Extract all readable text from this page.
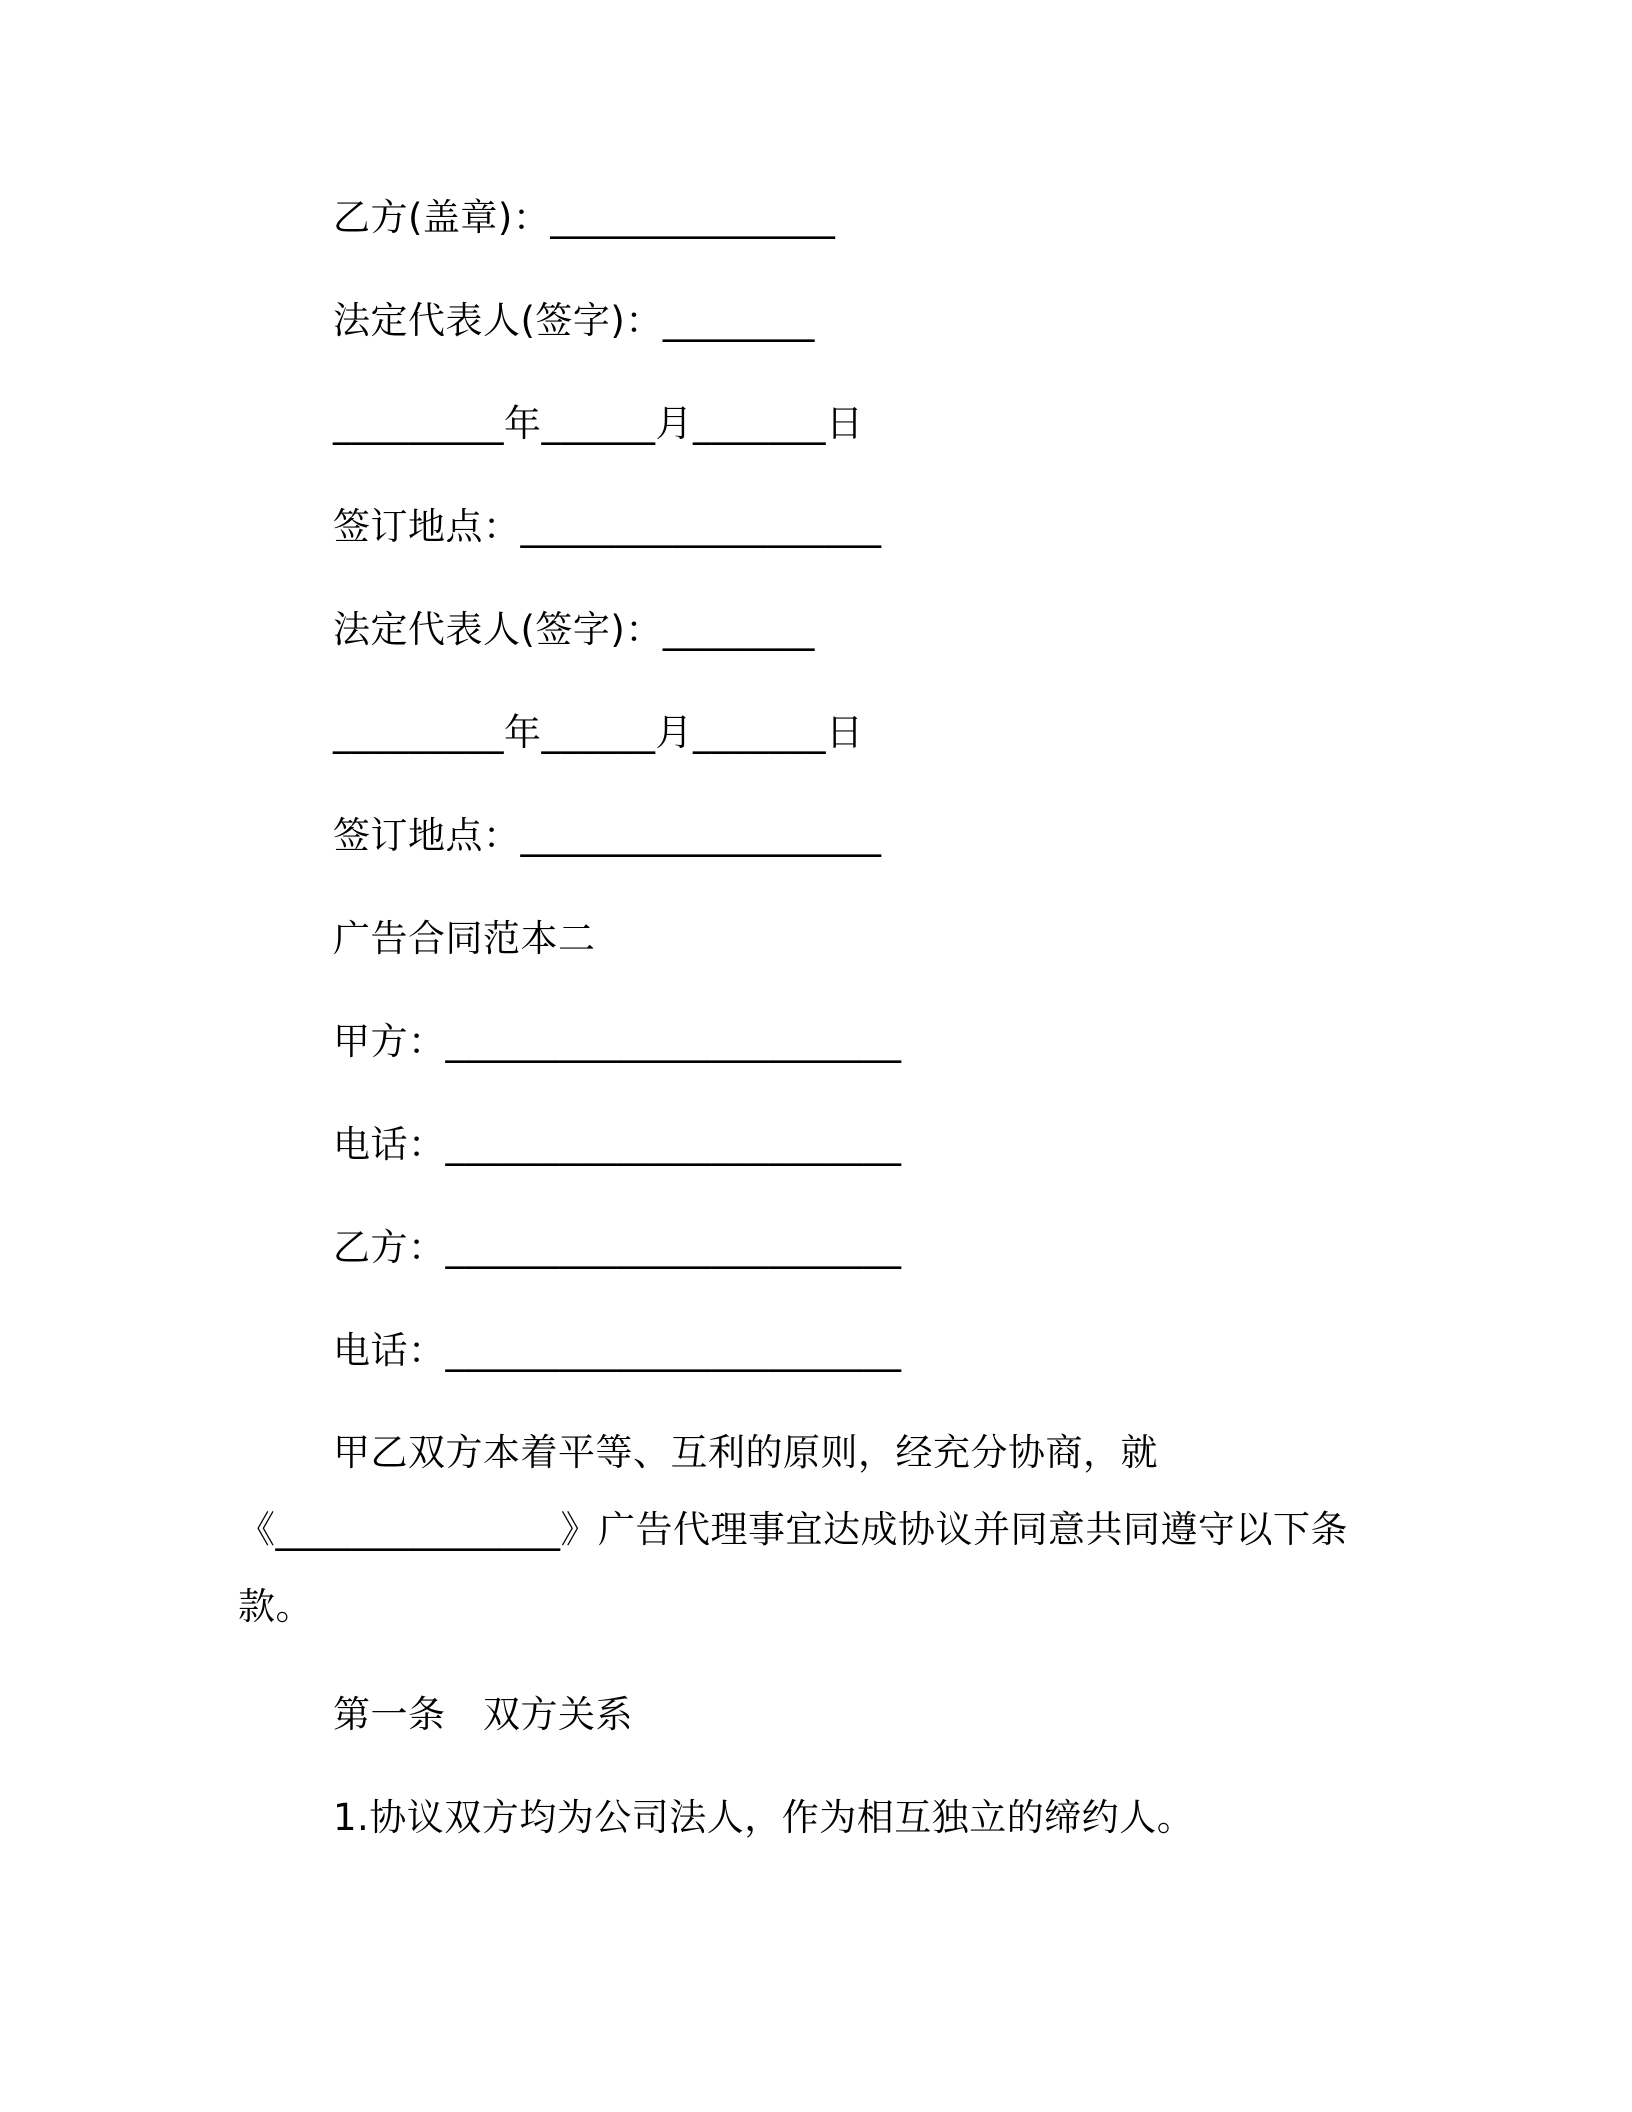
乙方(盖章)：_______________
法定代表人(签字)：________
_________年______月_______日
签订地点：___________________
法定代表人(签字)：________
_________年______月_______日
签订地点：___________________
广告合同范本二
甲方：________________________
电话：________________________
乙方：________________________
电话：________________________
甲乙双方本着平等、互利的原则，经充分协商，就《_______________》广告代理事宜达成协议并同意共同遵守以下条款。
第一条　双方关系
1.协议双方均为公司法人，作为相互独立的缔约人。
